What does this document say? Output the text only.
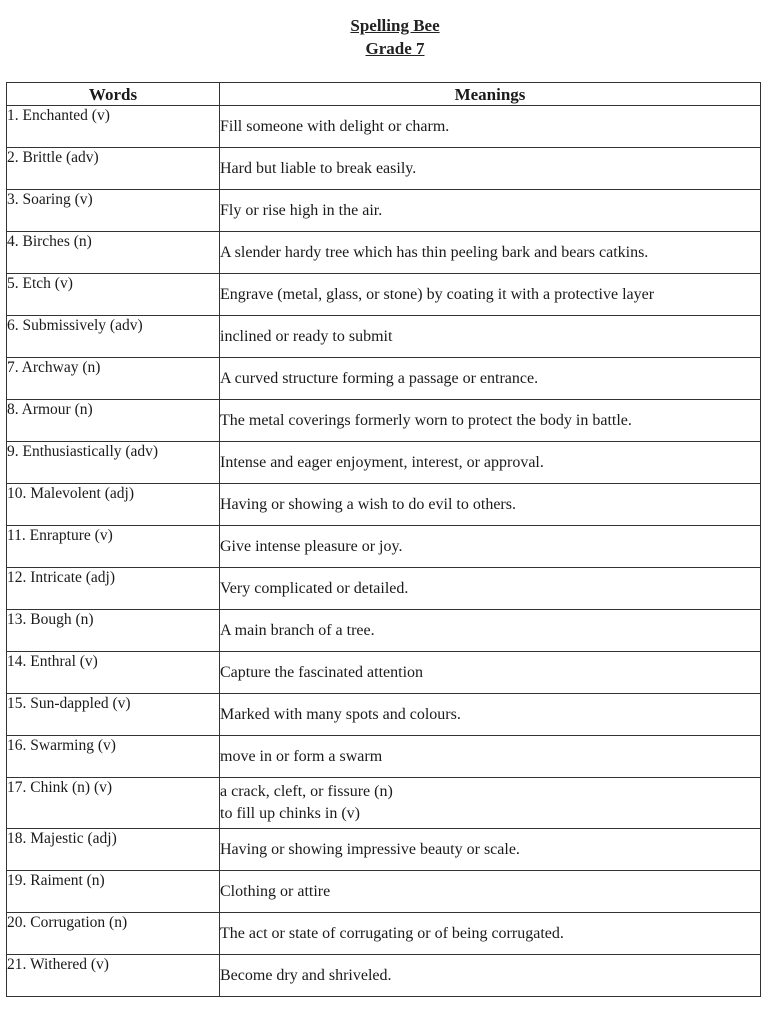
Spelling Bee
Grade 7
Words	Meanings
1. Enchanted (v)	Fill someone with delight or charm.

2. Brittle (adv)	Hard but liable to break easily.

3. Soaring (v)	Fly or rise high in the air.

4. Birches (n)	A slender hardy tree which has thin peeling bark and bears catkins.

5. Etch (v)	Engrave (metal, glass, or stone) by coating it with a protective layer

6. Submissively (adv)	inclined or ready to submit

7. Archway (n)	A curved structure forming a passage or entrance.

8. Armour (n)	The metal coverings formerly worn to protect the body in battle.

9. Enthusiastically (adv)	Intense and eager enjoyment, interest, or approval.

10. Malevolent (adj)	Having or showing a wish to do evil to others.

11. Enrapture (v)	Give intense pleasure or joy.

12. Intricate (adj)	Very complicated or detailed.

13. Bough (n)	A main branch of a tree.

14. Enthral (v)	Capture the fascinated attention

15. Sun-dappled (v)	Marked with many spots and colours.

16. Swarming (v)	move in or form a swarm

17. Chink (n) (v)	a crack, cleft, or fissure (n)
to fill up chinks in (v)

18. Majestic (adj)	Having or showing impressive beauty or scale.

19. Raiment (n)	Clothing or attire

20. Corrugation (n)	The act or state of corrugating or of being corrugated.

21. Withered (v)	Become dry and shriveled.
